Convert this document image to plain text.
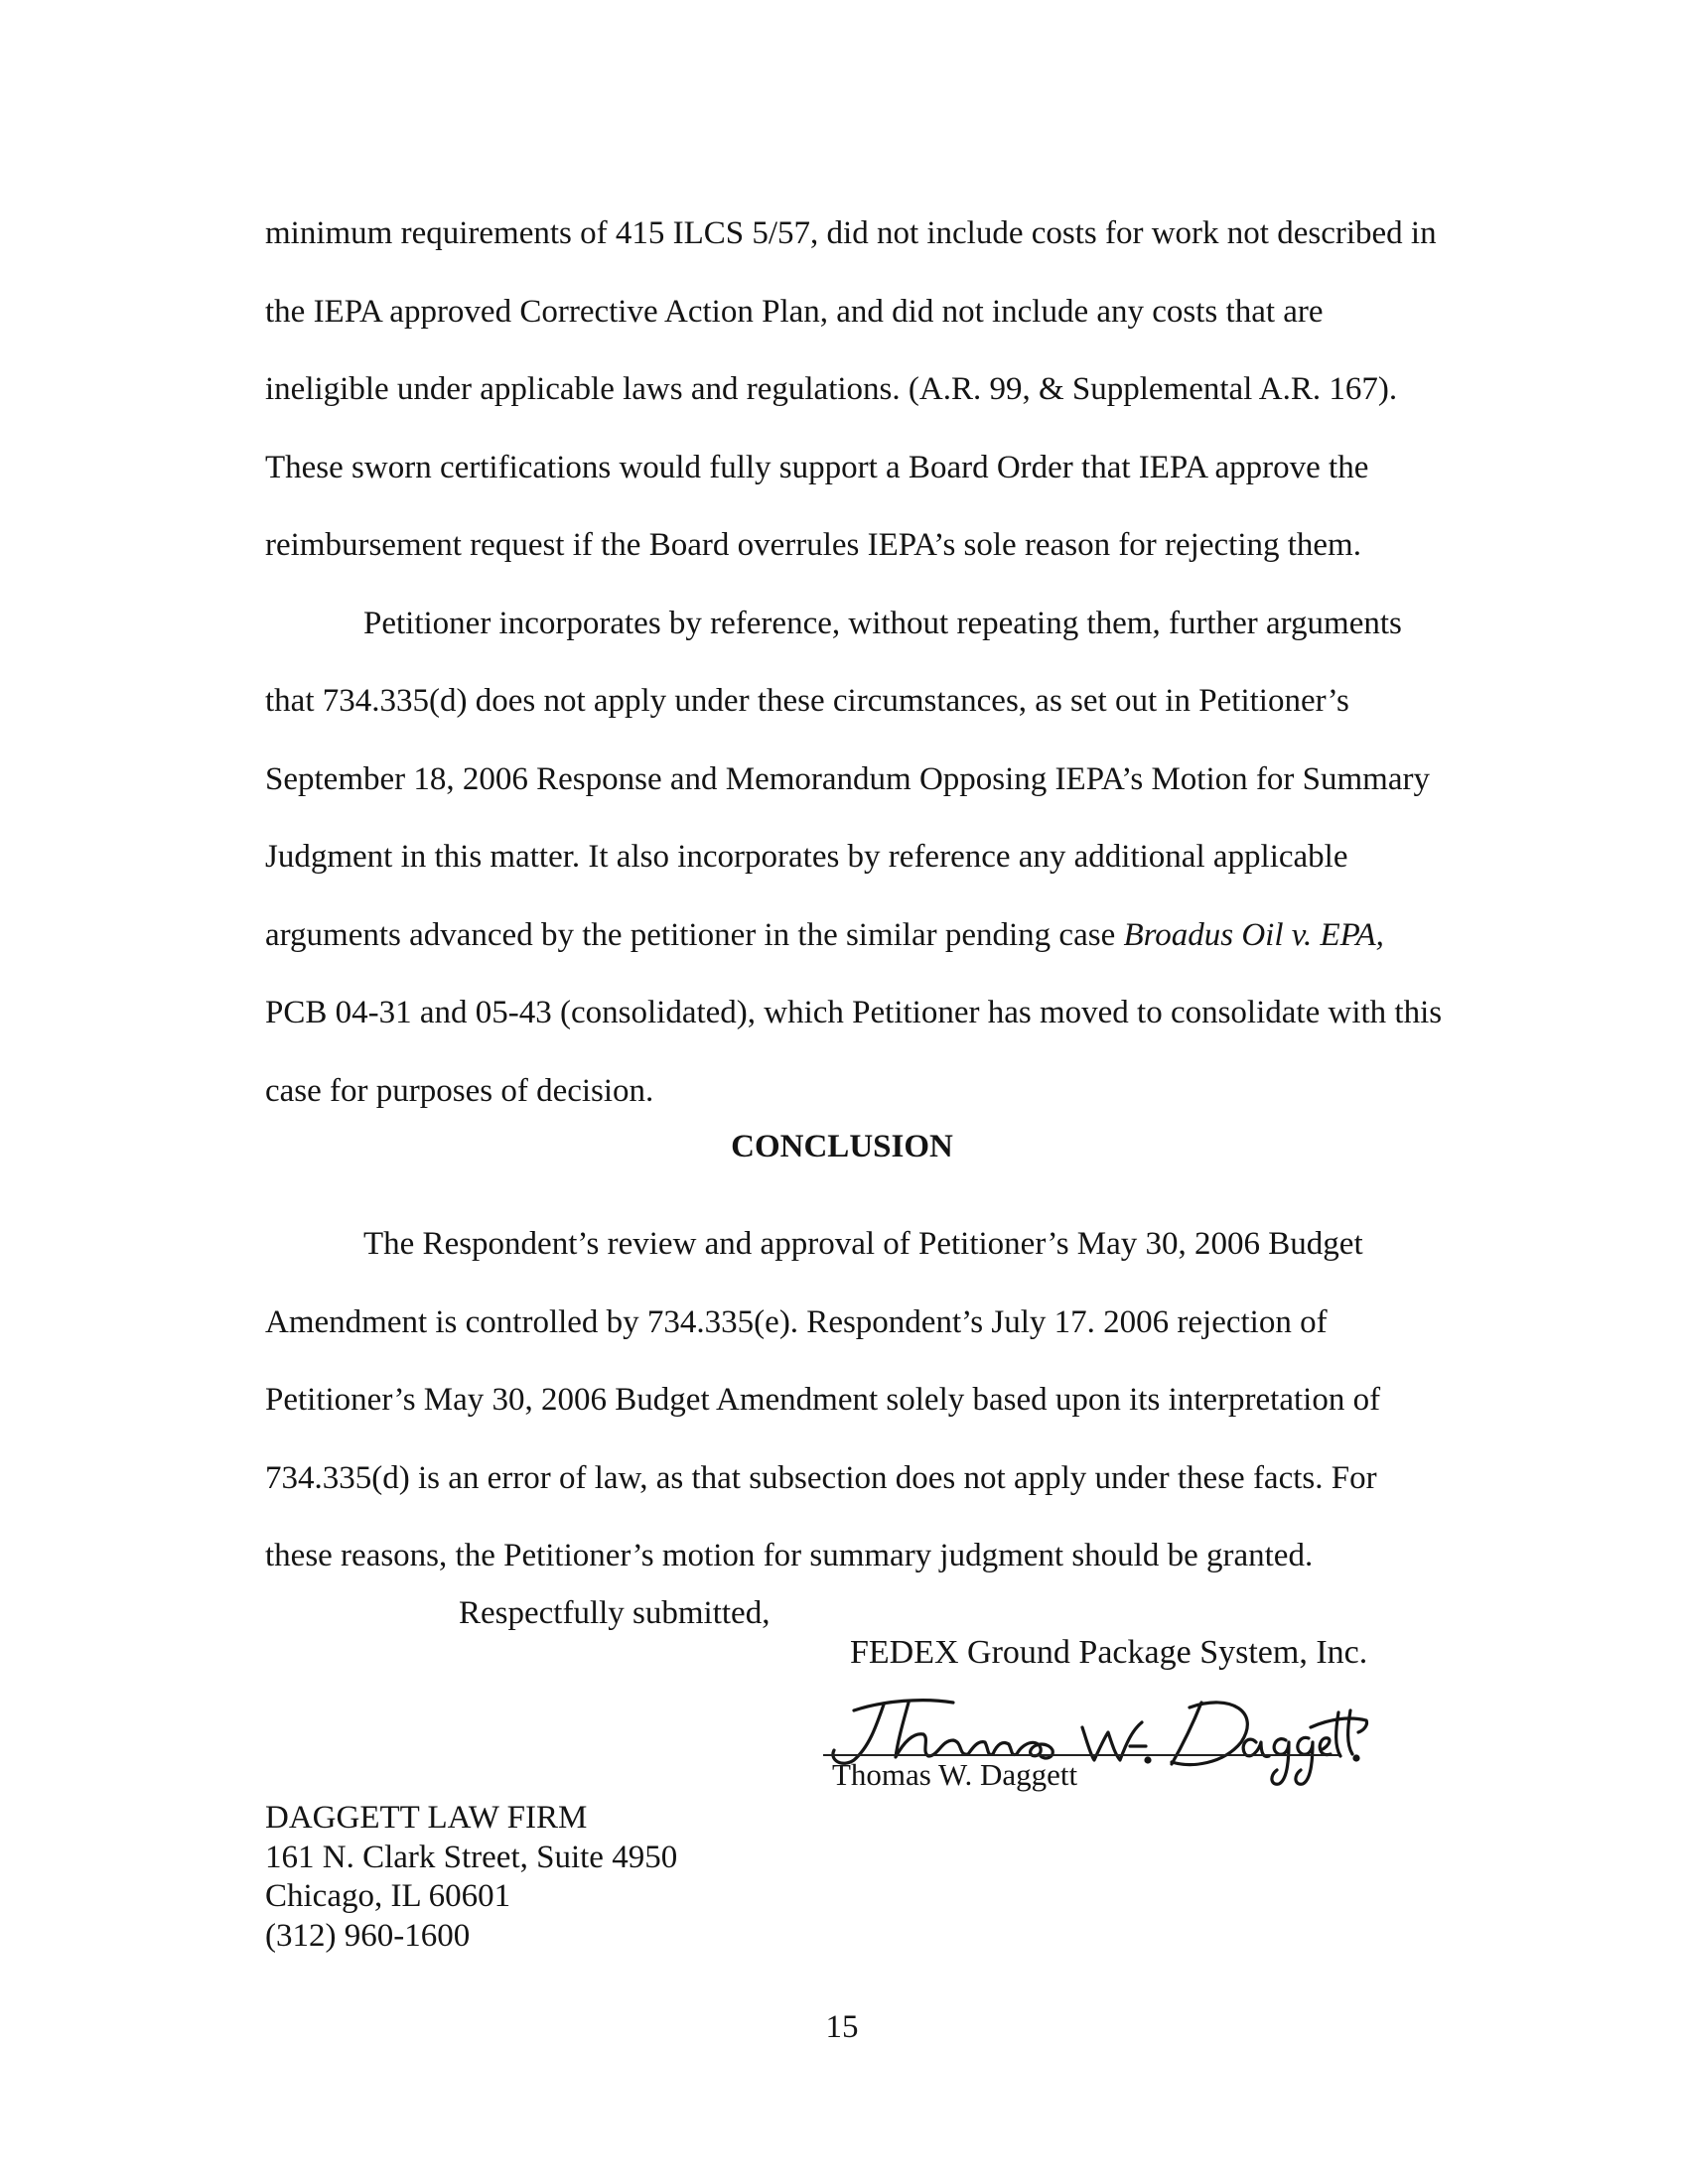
minimum requirements of 415 ILCS 5/57, did not include costs for work not described in the IEPA approved Corrective Action Plan, and did not include any costs that are ineligible under applicable laws and regulations. (A.R. 99, & Supplemental A.R. 167). These sworn certifications would fully support a Board Order that IEPA approve the reimbursement request if the Board overrules IEPA’s sole reason for rejecting them.

Petitioner incorporates by reference, without repeating them, further arguments that 734.335(d) does not apply under these circumstances, as set out in Petitioner’s September 18, 2006 Response and Memorandum Opposing IEPA’s Motion for Summary Judgment in this matter. It also incorporates by reference any additional applicable arguments advanced by the petitioner in the similar pending case Broadus Oil v. EPA, PCB 04-31 and 05-43 (consolidated), which Petitioner has moved to consolidate with this case for purposes of decision.

CONCLUSION

The Respondent’s review and approval of Petitioner’s May 30, 2006 Budget Amendment is controlled by 734.335(e). Respondent’s July 17. 2006 rejection of Petitioner’s May 30, 2006 Budget Amendment solely based upon its interpretation of 734.335(d) is an error of law, as that subsection does not apply under these facts. For these reasons, the Petitioner’s motion for summary judgment should be granted.

Respectfully submitted,
FEDEX Ground Package System, Inc.
Thomas W. Daggett
DAGGETT LAW FIRM
161 N. Clark Street, Suite 4950
Chicago, IL 60601
(312) 960-1600
15
